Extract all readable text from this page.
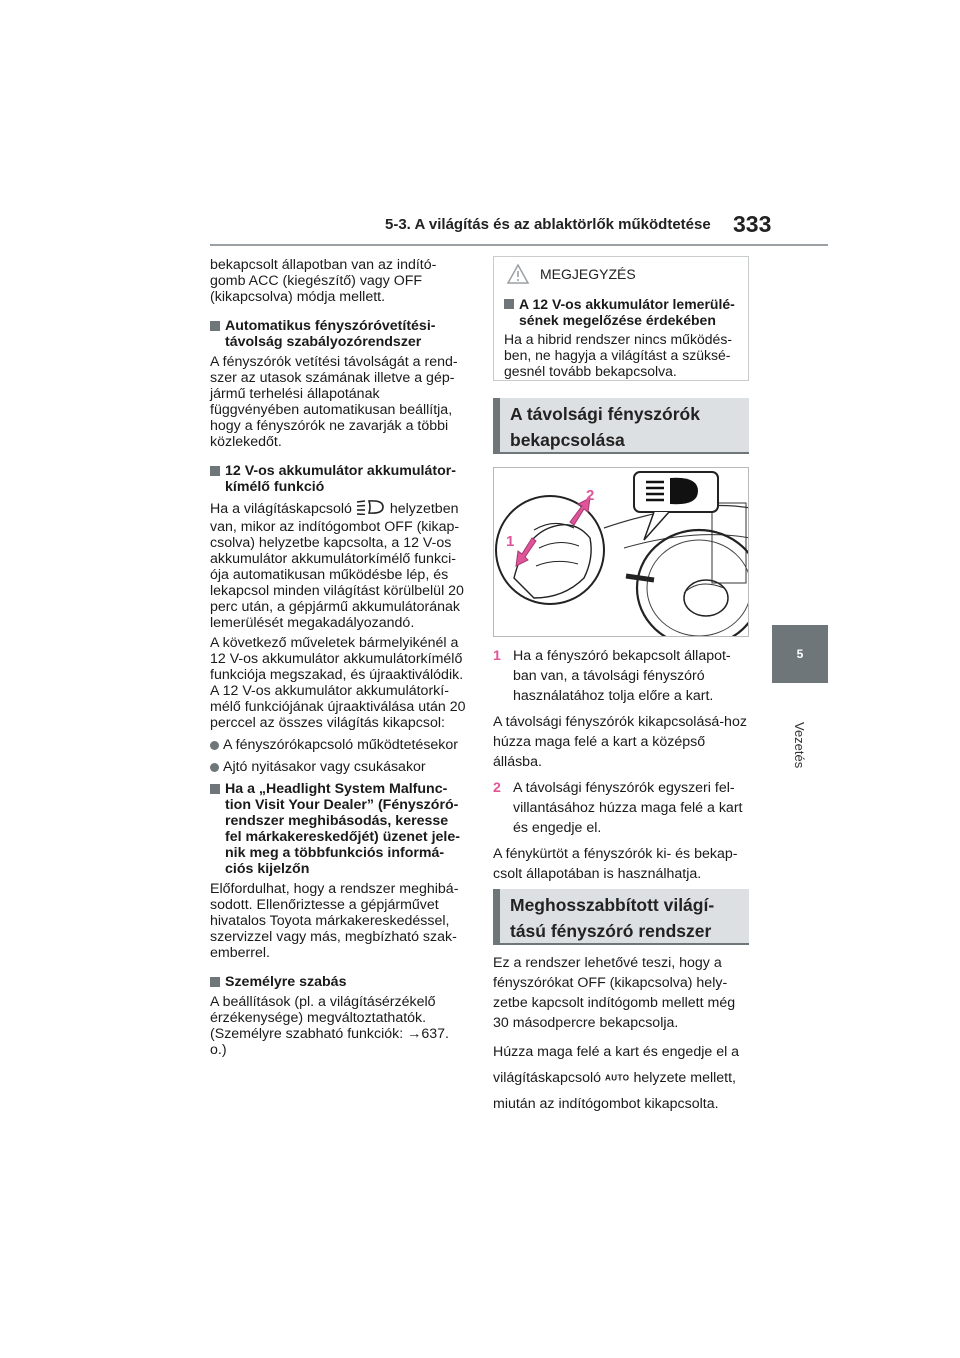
5-3. A világítás és az ablaktörlők működtetése 333
5
Vezetés

bekapcsolt állapotban van az indító-gomb ACC (kiegészítő) vagy OFF (kikapcsolva) módja mellett.

Automatikus fényszóróvetítési-távolság szabályozórendszer

A fényszórók vetítési távolságát a rend-szer az utasok számának illetve a gép-jármű terhelési állapotának függvényében automatikusan beállítja, hogy a fényszórók ne zavarják a többi közlekedőt.

12 V-os akkumulátor akkumulátor-kímélő funkció

Ha a világításkapcsoló	helyzetben van, mikor az indítógombot OFF (kikap-csolva) helyzetbe kapcsolta, a 12 V-os akkumulátor akkumulátorkímélő funkci-ója automatikusan működésbe lép, és lekapcsol minden világítást körülbelül 20 perc után, a gépjármű akkumulátorának lemerülését megakadályozandó.

A következő műveletek bármelyikénél a 12 V-os akkumulátor akkumulátorkímélő funkciója megszakad, és újraaktiválódik. A 12 V-os akkumulátor akkumulátorkí-mélő funkciójának újraaktiválása után 20 perccel az összes világítás kikapcsol:

A fényszórókapcsoló működtetésekor
Ajtó nyitásakor vagy csukásakor
Ha a „Headlight System Malfunc-tion Visit Your Dealer” (Fényszóró-rendszer meghibásodás, keresse fel márkakereskedőjét) üzenet jele-nik meg a többfunkciós informá-ciós kijelzőn

Előfordulhat, hogy a rendszer meghibá-sodott. Ellenőriztesse a gépjárművet hivatalos Toyota márkakereskedéssel, szervizzel vagy más, megbízható szak-emberrel.

Személyre szabás

A beállítások (pl. a világításérzékelő érzékenysége) megváltoztathatók. (Személyre szabható funkciók: →637. o.)

MEGJEGYZÉS
A 12 V-os akkumulátor lemerülé-sének megelőzése érdekében
Ha a hibrid rendszer nincs működés-ben, ne hagyja a világítást a szüksé-gesnél tovább bekapcsolva.
A távolsági fényszórók bekapcsolása
2
1
1 Ha a fényszóró bekapcsolt állapot-ban van, a távolsági fényszóró használatához tolja előre a kart.

A távolsági fényszórók kikapcsolásá-hoz húzza maga felé a kart a középső állásba.

2 A távolsági fényszórók egyszeri fel-villantásához húzza maga felé a kart és engedje el.

A fénykürtöt a fényszórók ki- és bekap-csolt állapotában is használhatja.

Meghosszabbított világí-tású fényszóró rendszer

Ez a rendszer lehetővé teszi, hogy a fényszórókat OFF (kikapcsolva) hely-zetbe kapcsolt indítógomb mellett még 30 másodpercre bekapcsolja.

Húzza maga felé a kart és engedje el a világításkapcsoló AUTO helyzete mellett, miután az indítógombot kikapcsolta.
